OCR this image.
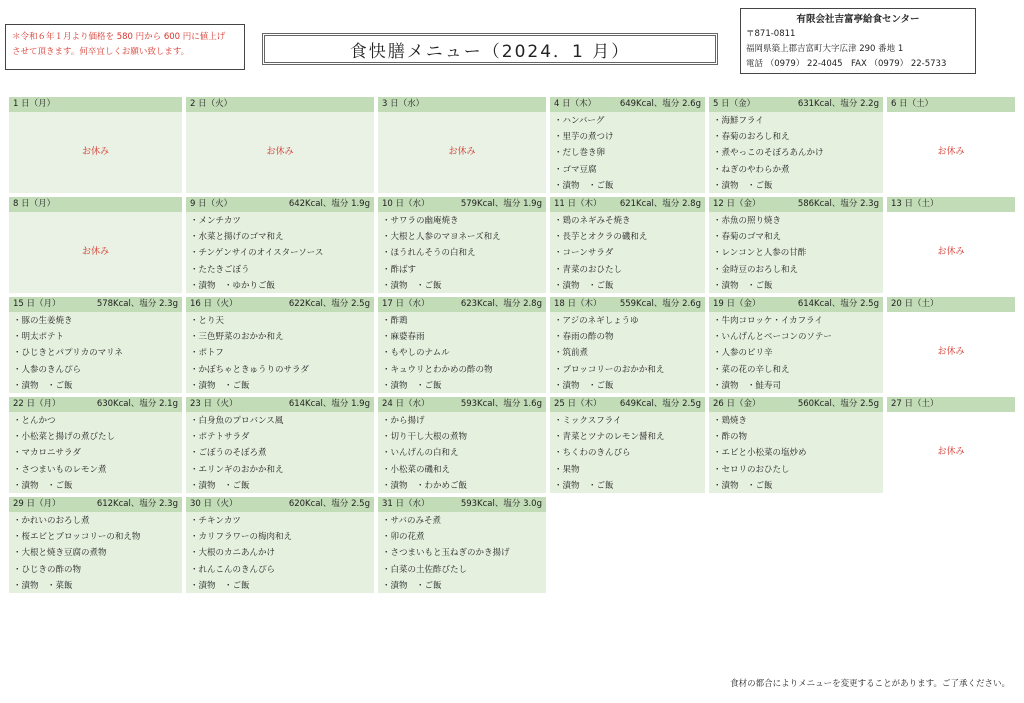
＊令和６年１月より価格を 580 円から 600 円に値上げ
させて頂きます。何卒宜しくお願い致します。	食快膳メニュー（2024．1 月）
有限会社吉富亭給食センター
〒871-0811
福岡県築上郡吉富町大字広津 290 番地 1
電話 （0979） 22-4045　FAX （0979） 22-5733
1 日（月）
お休み
2 日（火）
お休み
3 日（水）
お休み
4 日（木）	649Kcal、塩分 2.6g
・ハンバーグ
・里芋の煮つけ
・だし巻き卵
・ゴマ豆腐
・漬物　・ご飯
5 日（金）	631Kcal、塩分 2.2g
・海鮮フライ
・春菊のおろし和え
・煮やっこのそぼろあんかけ
・ねぎのやわらか煮
・漬物　・ご飯
6 日（土）
お休み
8 日（月）
お休み
9 日（火）	642Kcal、塩分 1.9g
・メンチカツ
・水菜と揚げのゴマ和え
・チンゲンサイのオイスターソース
・たたきごぼう
・漬物　・ゆかりご飯
10 日（水）	579Kcal、塩分 1.9g
・サワラの幽庵焼き
・大根と人参のマヨネーズ和え
・ほうれんそうの白和え
・酢ばす
・漬物　・ご飯
11 日（木） 621Kcal、塩分 2.8g
・鶏のネギみそ焼き
・長芋とオクラの磯和え
・コーンサラダ
・青菜のおひたし
・漬物　・ご飯
12 日（金）	586Kcal、塩分 2.3g
・赤魚の照り焼き
・春菊のゴマ和え
・レンコンと人参の甘酢
・金時豆のおろし和え
・漬物　・ご飯
13 日（土）
お休み
15 日（月）	578Kcal、塩分 2.3g
・豚の生姜焼き
・明太ポテト
・ひじきとパプリカのマリネ
・人参のきんぴら
・漬物　・ご飯
16 日（火）	622Kcal、塩分 2.5g
・とり天
・三色野菜のおかか和え
・ポトフ
・かぼちゃときゅうりのサラダ
・漬物　・ご飯
17 日（水）	623Kcal、塩分 2.8g
・酢鶏
・麻婆春雨
・もやしのナムル
・キュウリとわかめの酢の物
・漬物　・ご飯
18 日（木） 559Kcal、塩分 2.6g
・アジのネギしょうゆ
・春雨の酢の物
・筑前煮
・ブロッコリーのおかか和え
・漬物　・ご飯
19 日（金）	614Kcal、塩分 2.5g
・牛肉コロッケ・イカフライ
・いんげんとベーコンのソテー
・人参のピリ辛
・菜の花の辛し和え
・漬物　・鮭寿司
20 日（土）
お休み
22 日（月）	630Kcal、塩分 2.1g
・とんかつ
・小松菜と揚げの煮びたし
・マカロニサラダ
・さつまいものレモン煮
・漬物　・ご飯
23 日（火）	614Kcal、塩分 1.9g
・白身魚のプロバンス風
・ポテトサラダ
・ごぼうのそぼろ煮
・エリンギのおかか和え
・漬物　・ご飯
24 日（水）	593Kcal、塩分 1.6g
・から揚げ
・切り干し大根の煮物
・いんげんの白和え
・小松菜の磯和え
・漬物　・わかめご飯
25 日（木） 649Kcal、塩分 2.5g
・ミックスフライ
・青菜とツナのレモン醤和え
・ちくわのきんぴら
・果物
・漬物　・ご飯
26 日（金）	560Kcal、塩分 2.5g
・鶏焼き
・酢の物
・エビと小松菜の塩炒め
・セロリのおひたし
・漬物　・ご飯
27 日（土）
お休み
29 日（月）	612Kcal、塩分 2.3g
・かれいのおろし煮
・桜エビとブロッコリーの和え物
・大根と焼き豆腐の煮物
・ひじきの酢の物
・漬物　・菜飯
30 日（火）	620Kcal、塩分 2.5g
・チキンカツ
・カリフラワーの梅肉和え
・大根のカニあんかけ
・れんこんのきんぴら
・漬物　・ご飯
31 日（水）	593Kcal、塩分 3.0g
・サバのみそ煮
・卯の花煮
・さつまいもと玉ねぎのかき揚げ
・白菜の土佐酢びたし
・漬物　・ご飯
食材の都合によりメニューを変更することがあります。ご了承ください。
